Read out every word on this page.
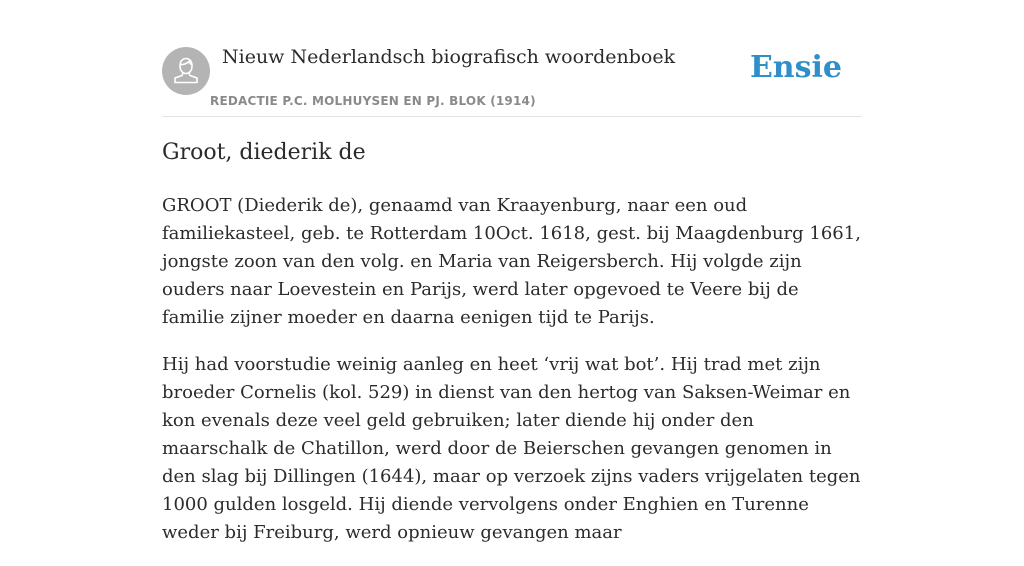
Nieuw Nederlandsch biografisch woordenboek
REDACTIE P.C. MOLHUYSEN EN PJ. BLOK (1914)
Ensie
Groot, diederik de

GROOT (Diederik de), genaamd van Kraayenburg, naar een oud familiekasteel, geb. te Rotterdam 10Oct. 1618, gest. bij Maagdenburg 1661, jongste zoon van den volg. en Maria van Reigersberch. Hij volgde zijn ouders naar Loevestein en Parijs, werd later opgevoed te Veere bij de familie zijner moeder en daarna eenigen tijd te Parijs.

Hij had voorstudie weinig aanleg en heet ‘vrij wat bot’. Hij trad met zijn broeder Cornelis (kol. 529) in dienst van den hertog van Saksen-Weimar en kon evenals deze veel geld gebruiken; later diende hij onder den maarschalk de Chatillon, werd door de Beierschen gevangen genomen in den slag bij Dillingen (1644), maar op verzoek zijns vaders vrijgelaten tegen 1000 gulden losgeld. Hij diende vervolgens onder Enghien en Turenne weder bij Freiburg, werd opnieuw gevangen maar
